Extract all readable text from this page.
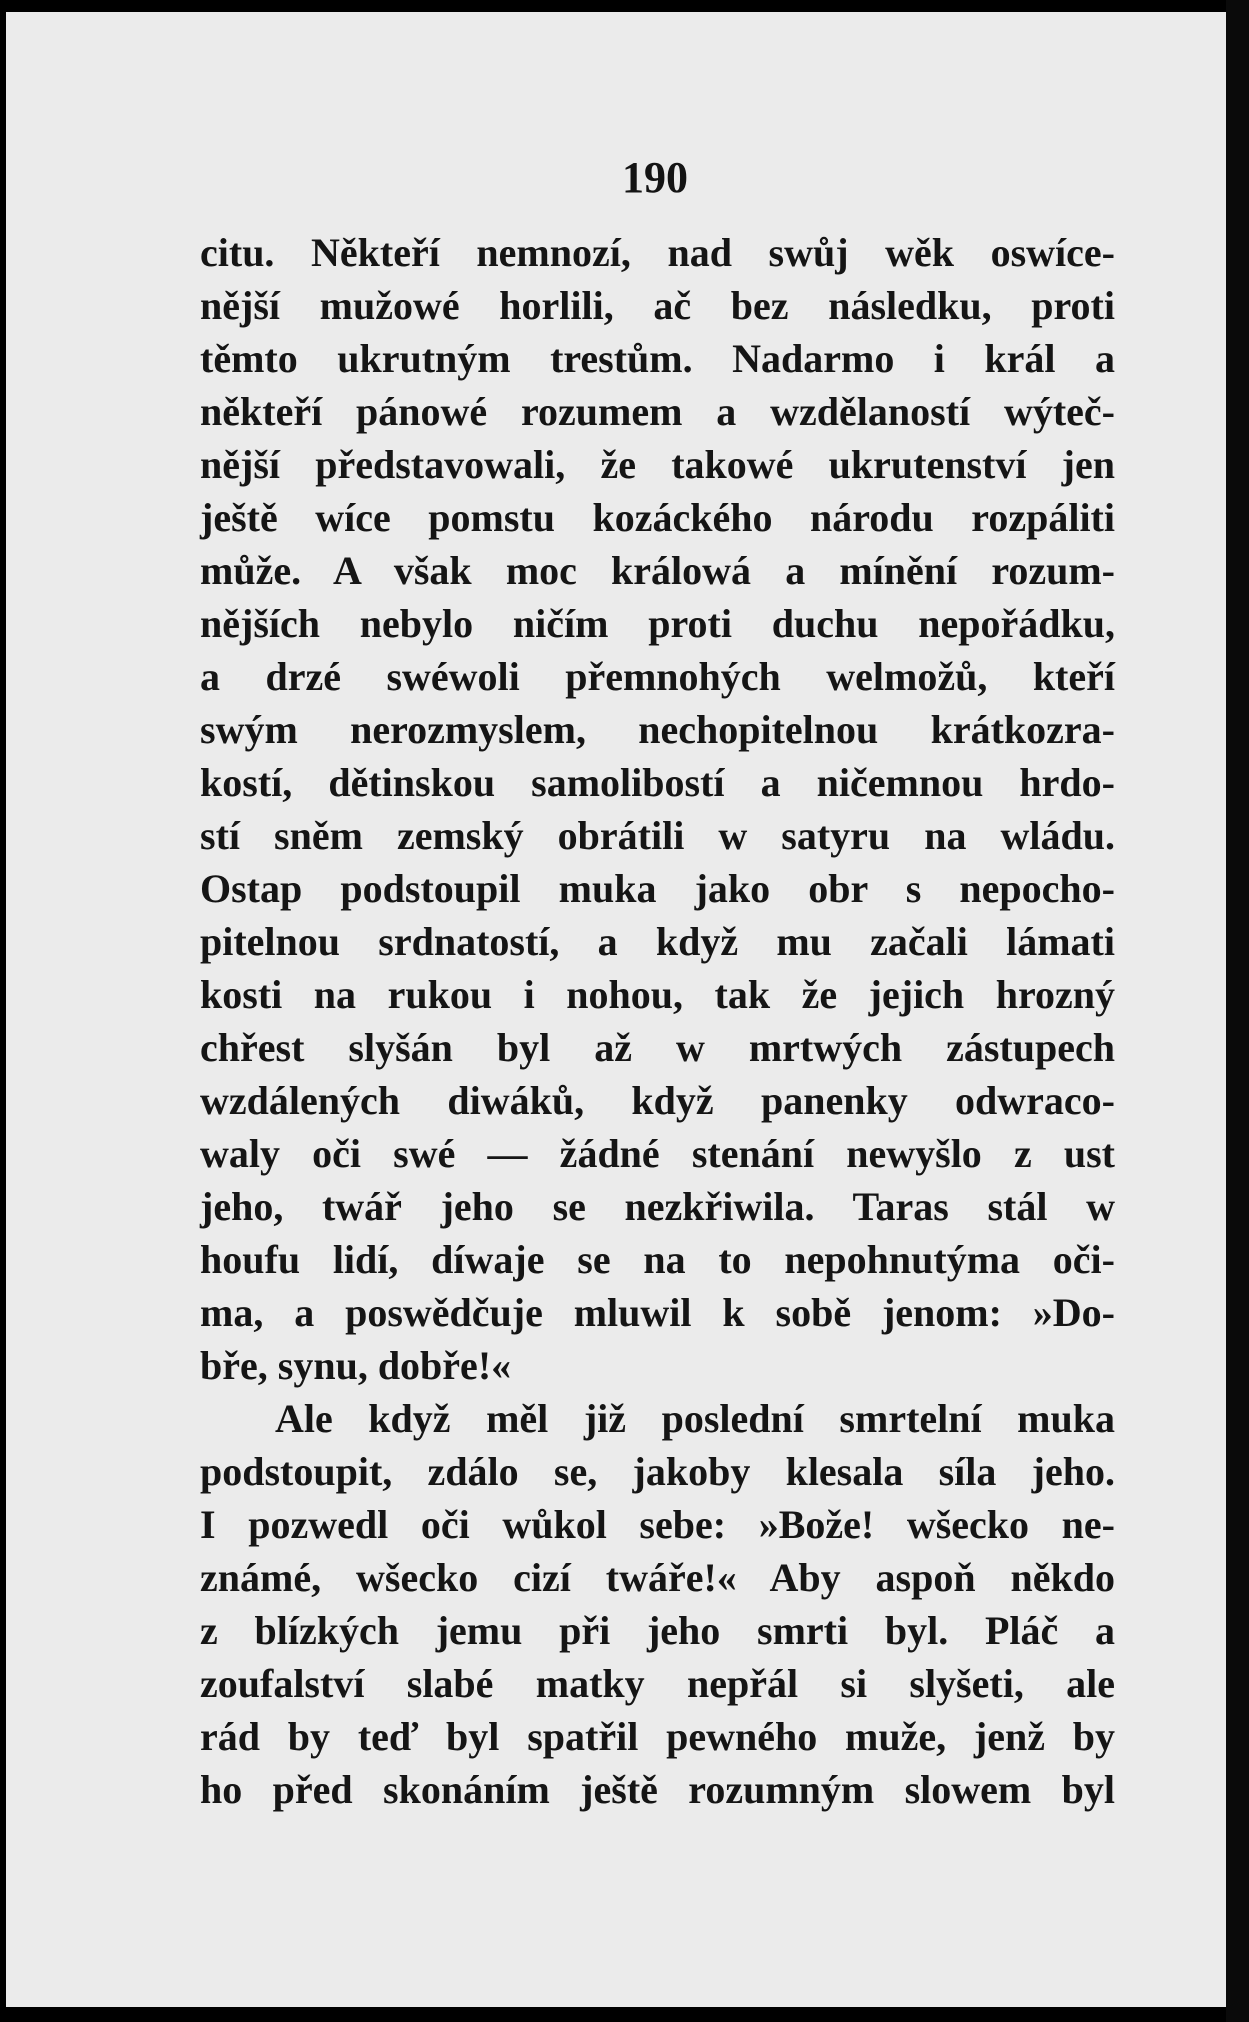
190
citu. Někteří nemnozí, nad swůj wěk oswíce-
nější mužowé horlili, ač bez následku, proti
těmto ukrutným trestům. Nadarmo i král a
někteří pánowé rozumem a wzdělaností wýteč-
nější představowali, že takowé ukrutenství jen
ještě wíce pomstu kozáckého národu rozpáliti
může. A však moc králowá a mínění rozum-
nějších nebylo ničím proti duchu nepořádku,
a drzé swéwoli přemnohých welmožů, kteří
swým nerozmyslem, nechopitelnou krátkozra-
kostí, dětinskou samolibostí a ničemnou hrdo-
stí sněm zemský obrátili w satyru na wládu.
Ostap podstoupil muka jako obr s nepocho-
pitelnou srdnatostí, a když mu začali lámati
kosti na rukou i nohou, tak že jejich hrozný
chřest slyšán byl až w mrtwých zástupech
wzdálených diwáků, když panenky odwraco-
waly oči swé — žádné stenání newyšlo z ust
jeho, twář jeho se nezkřiwila. Taras stál w
houfu lidí, díwaje se na to nepohnutýma oči-
ma, a poswědčuje mluwil k sobě jenom: »Do-
bře, synu, dobře!«
Ale když měl již poslední smrtelní muka
podstoupit, zdálo se, jakoby klesala síla jeho.
I pozwedl oči wůkol sebe: »Bože! wšecko ne-
známé, wšecko cizí twáře!« Aby aspoň někdo
z blízkých jemu při jeho smrti byl. Pláč a
zoufalství slabé matky nepřál si slyšeti, ale
rád by teď byl spatřil pewného muže, jenž by
ho před skonáním ještě rozumným slowem byl
